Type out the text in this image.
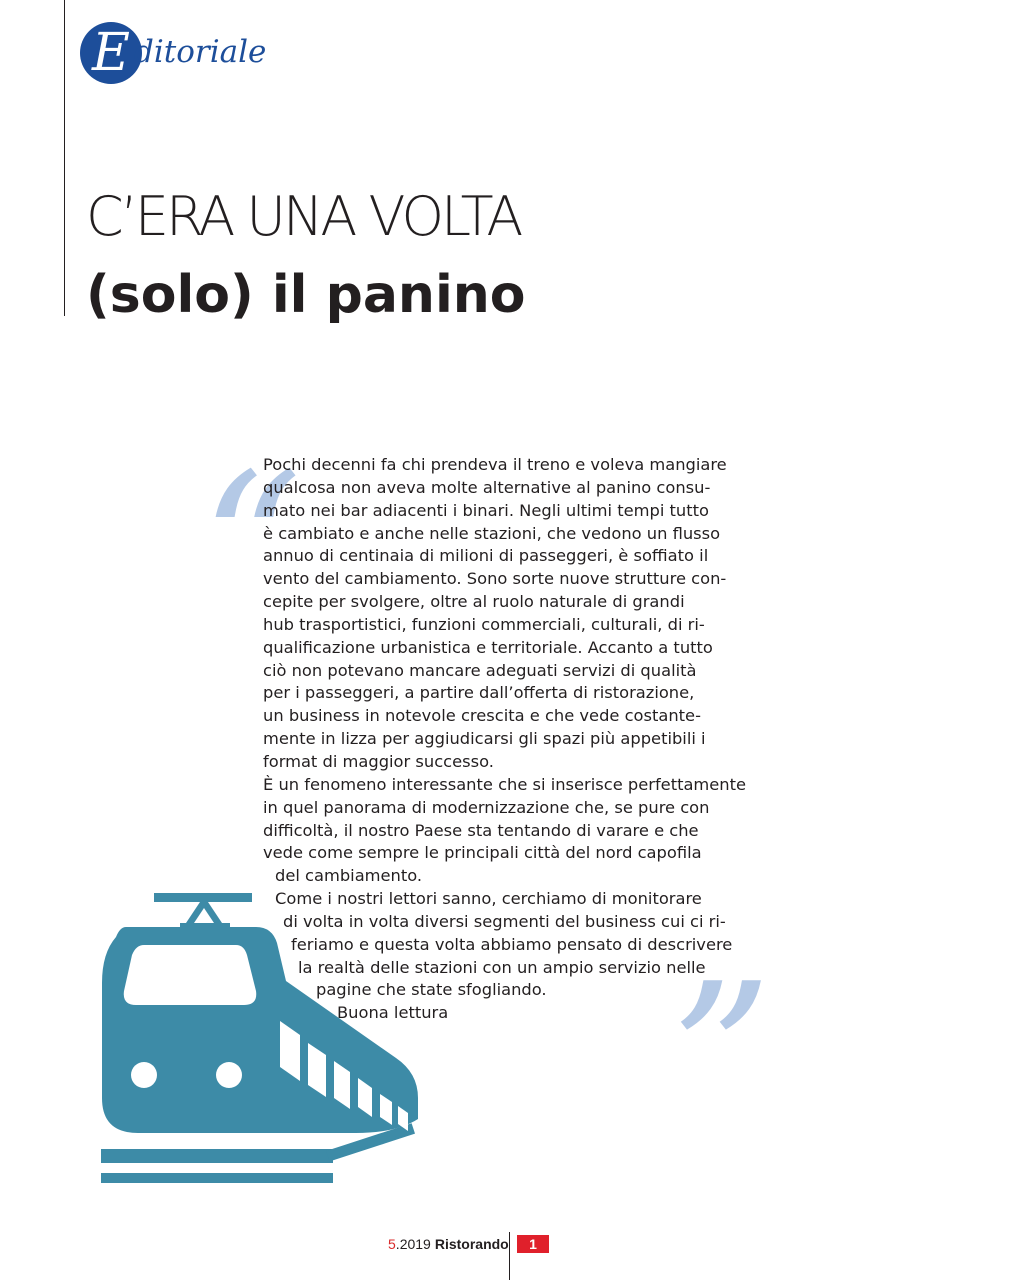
E ditoriale
C’ERA UNA VOLTA
(solo) il panino
“
”

Pochi decenni fa chi prendeva il treno e voleva mangiare

qualcosa non aveva molte alternative al panino consu-

mato nei bar adiacenti i binari. Negli ultimi tempi tutto

è cambiato e anche nelle stazioni, che vedono un flusso

annuo di centinaia di milioni di passeggeri, è soffiato il

vento del cambiamento. Sono sorte nuove strutture con-

cepite per svolgere, oltre al ruolo naturale di grandi

hub trasportistici, funzioni commerciali, culturali, di ri-

qualificazione urbanistica e territoriale. Accanto a tutto

ciò non potevano mancare adeguati servizi di qualità

per i passeggeri, a partire dall’offerta di ristorazione,

un business in notevole crescita e che vede costante-

mente in lizza per aggiudicarsi gli spazi più appetibili i

format di maggior successo.

È un fenomeno interessante che si inserisce perfettamente

in quel panorama di modernizzazione che, se pure con

difficoltà, il nostro Paese sta tentando di varare e che

vede come sempre le principali città del nord capofila

del cambiamento.

Come i nostri lettori sanno, cerchiamo di monitorare

di volta in volta diversi segmenti del business cui ci ri-

feriamo e questa volta abbiamo pensato di descrivere

la realtà delle stazioni con un ampio servizio nelle

pagine che state sfogliando.

Buona lettura

5.2019 Ristorando	1
